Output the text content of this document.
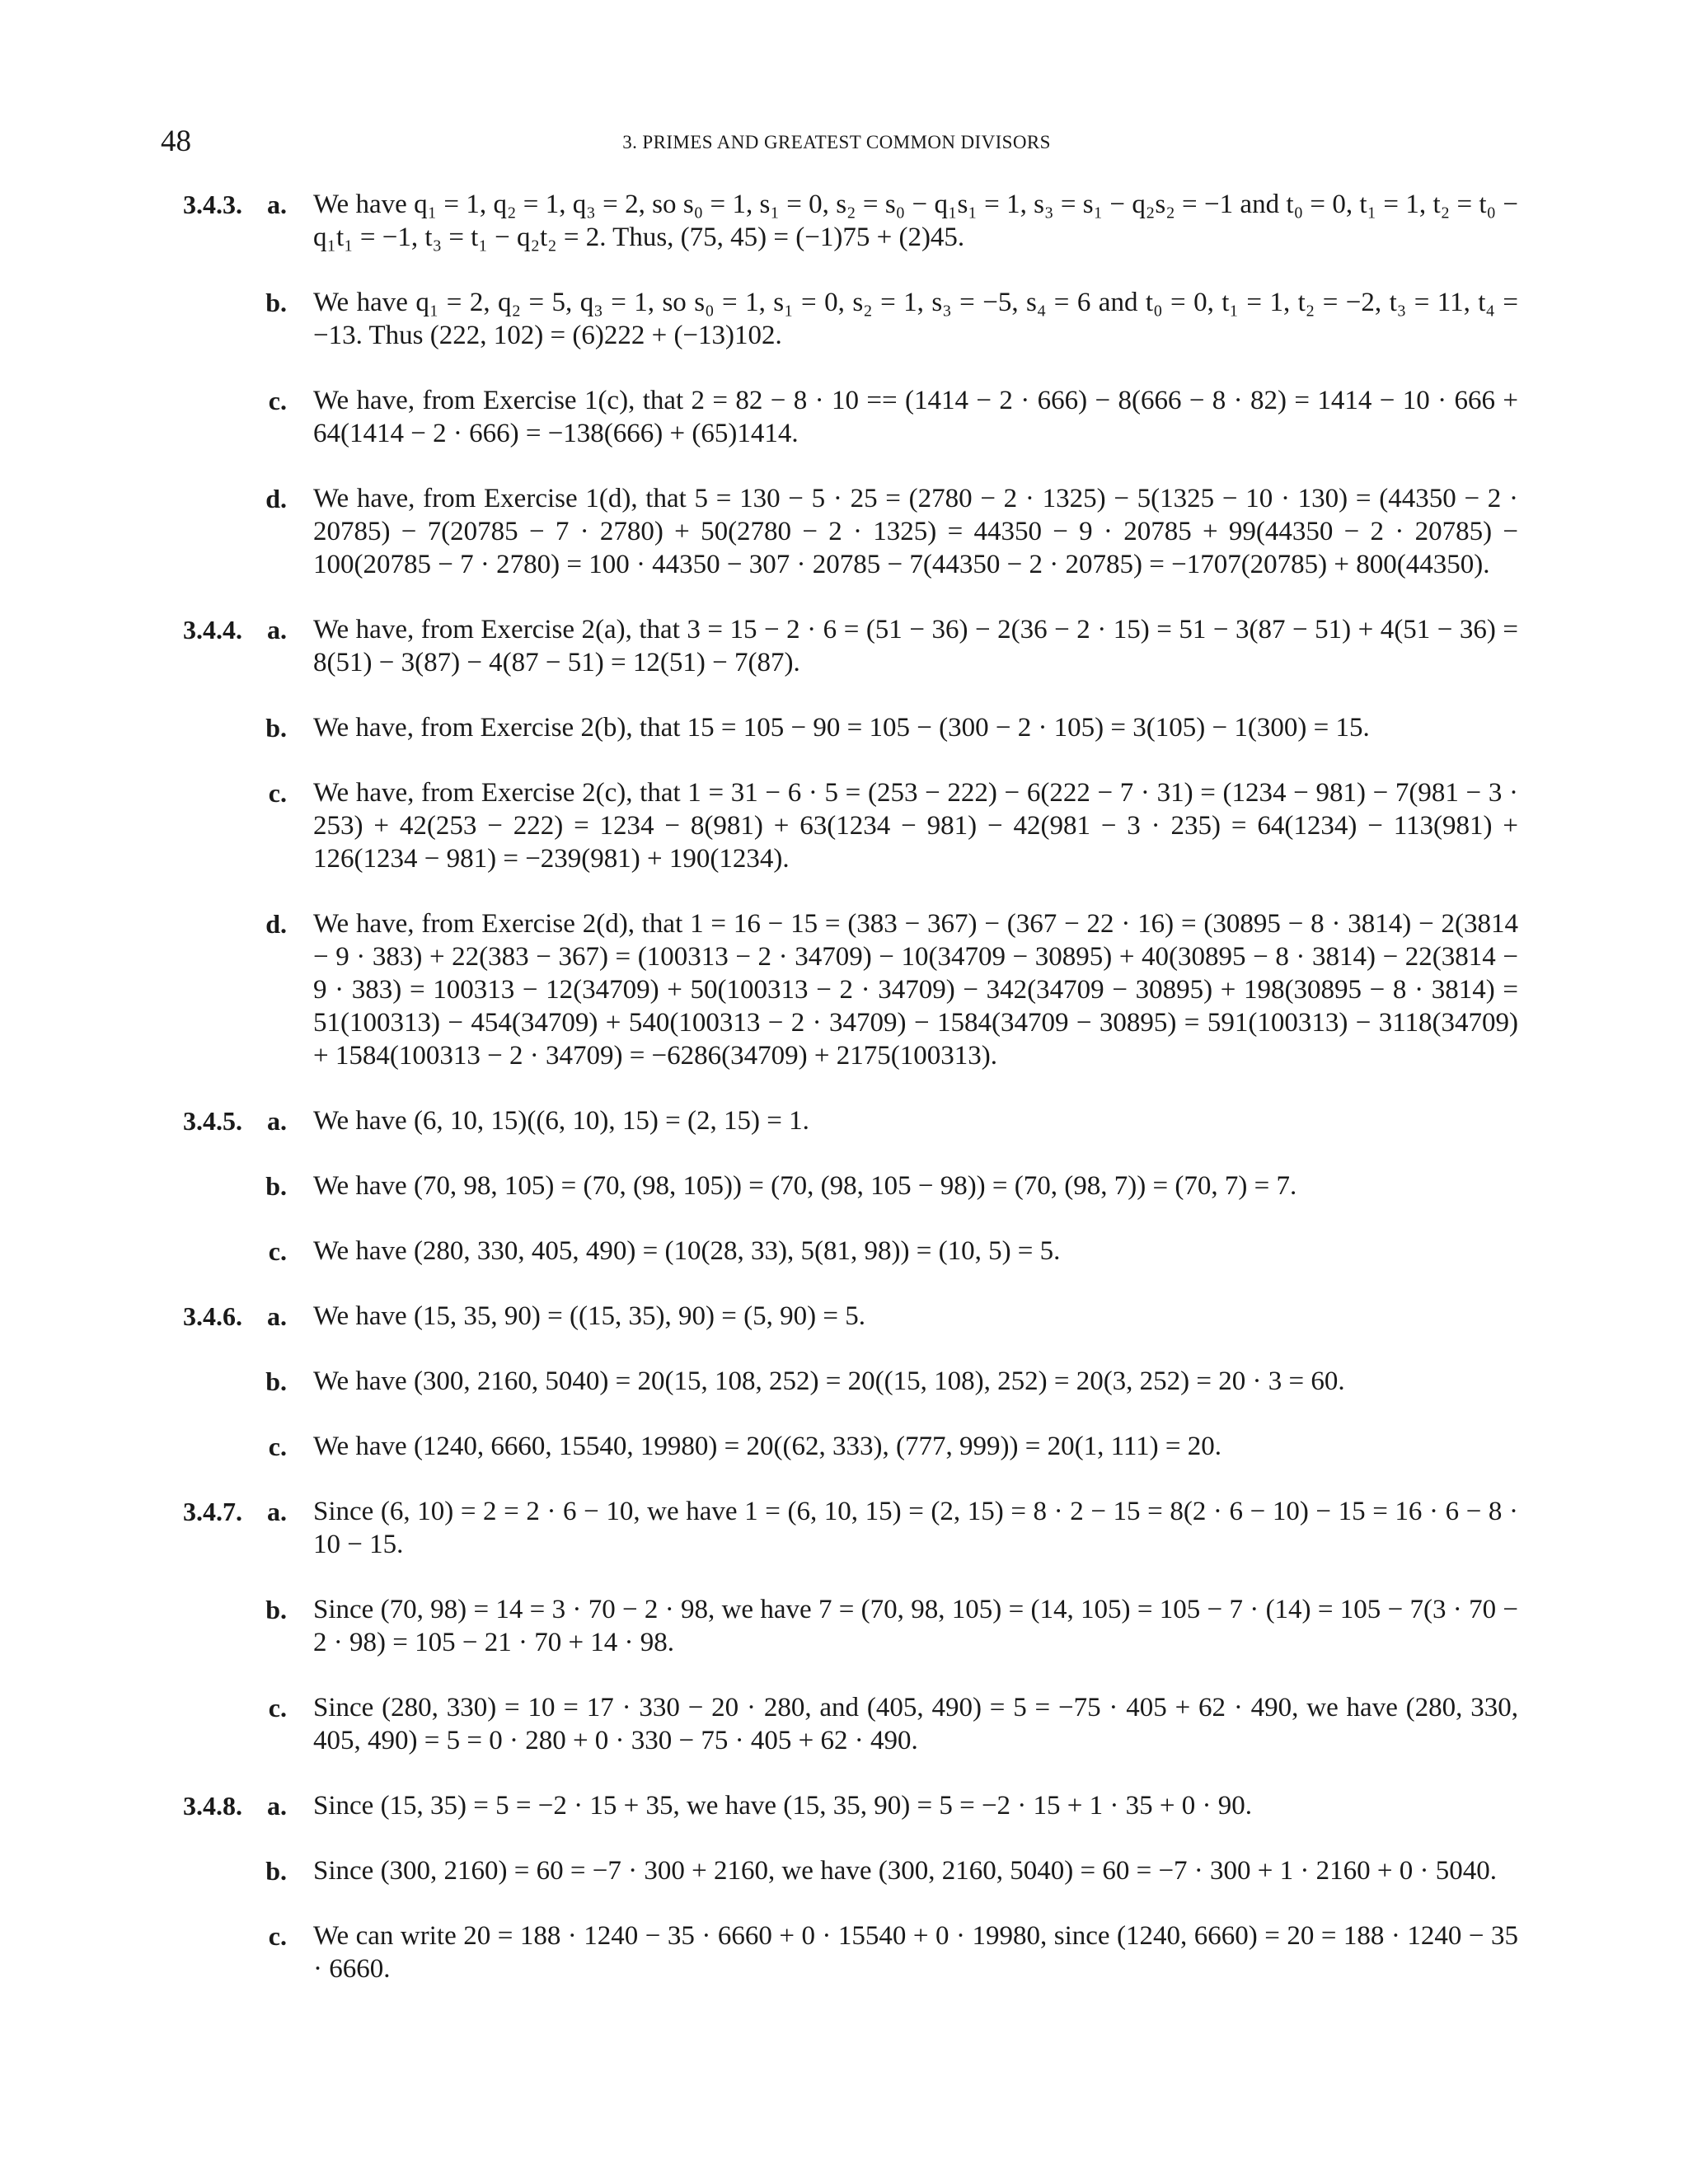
48	3. PRIMES AND GREATEST COMMON DIVISORS
3.4.3. a. We have q₁ = 1, q₂ = 1, q₃ = 2, so s₀ = 1, s₁ = 0, s₂ = s₀ − q₁s₁ = 1, s₃ = s₁ − q₂s₂ = −1 and t₀ = 0, t₁ = 1, t₂ = t₀ − q₁t₁ = −1, t₃ = t₁ − q₂t₂ = 2. Thus, (75, 45) = (−1)75 + (2)45.
b. We have q₁ = 2, q₂ = 5, q₃ = 1, so s₀ = 1, s₁ = 0, s₂ = 1, s₃ = −5, s₄ = 6 and t₀ = 0, t₁ = 1, t₂ = −2, t₃ = 11, t₄ = −13. Thus (222, 102) = (6)222 + (−13)102.
c. We have, from Exercise 1(c), that 2 = 82 − 8 · 10 == (1414 − 2 · 666) − 8(666 − 8 · 82) = 1414 − 10 · 666 + 64(1414 − 2 · 666) = −138(666) + (65)1414.
d. We have, from Exercise 1(d), that 5 = 130 − 5 · 25 = (2780 − 2 · 1325) − 5(1325 − 10 · 130) = (44350 − 2 · 20785) − 7(20785 − 7 · 2780) + 50(2780 − 2 · 1325) = 44350 − 9 · 20785 + 99(44350 − 2 · 20785) − 100(20785 − 7 · 2780) = 100 · 44350 − 307 · 20785 − 7(44350 − 2 · 20785) = −1707(20785) + 800(44350).
3.4.4. a. We have, from Exercise 2(a), that 3 = 15 − 2 · 6 = (51 − 36) − 2(36 − 2 · 15) = 51 − 3(87 − 51) + 4(51 − 36) = 8(51) − 3(87) − 4(87 − 51) = 12(51) − 7(87).
b. We have, from Exercise 2(b), that 15 = 105 − 90 = 105 − (300 − 2 · 105) = 3(105) − 1(300) = 15.
c. We have, from Exercise 2(c), that 1 = 31 − 6 · 5 = (253 − 222) − 6(222 − 7 · 31) = (1234 − 981) − 7(981 − 3 · 253) + 42(253 − 222) = 1234 − 8(981) + 63(1234 − 981) − 42(981 − 3 · 235) = 64(1234) − 113(981) + 126(1234 − 981) = −239(981) + 190(1234).
d. We have, from Exercise 2(d), that 1 = 16 − 15 = (383 − 367) − (367 − 22 · 16) = (30895 − 8 · 3814) − 2(3814 − 9 · 383) + 22(383 − 367) = (100313 − 2 · 34709) − 10(34709 − 30895) + 40(30895 − 8 · 3814) − 22(3814 − 9 · 383) = 100313 − 12(34709) + 50(100313 − 2 · 34709) − 342(34709 − 30895) + 198(30895 − 8 · 3814) = 51(100313) − 454(34709) + 540(100313 − 2 · 34709) − 1584(34709 − 30895) = 591(100313) − 3118(34709) + 1584(100313 − 2 · 34709) = −6286(34709) + 2175(100313).
3.4.5. a. We have (6, 10, 15)((6, 10), 15) = (2, 15) = 1.
b. We have (70, 98, 105) = (70, (98, 105)) = (70, (98, 105 − 98)) = (70, (98, 7)) = (70, 7) = 7.
c. We have (280, 330, 405, 490) = (10(28, 33), 5(81, 98)) = (10, 5) = 5.
3.4.6. a. We have (15, 35, 90) = ((15, 35), 90) = (5, 90) = 5.
b. We have (300, 2160, 5040) = 20(15, 108, 252) = 20((15, 108), 252) = 20(3, 252) = 20 · 3 = 60.
c. We have (1240, 6660, 15540, 19980) = 20((62, 333), (777, 999)) = 20(1, 111) = 20.
3.4.7. a. Since (6, 10) = 2 = 2 · 6 − 10, we have 1 = (6, 10, 15) = (2, 15) = 8 · 2 − 15 = 8(2 · 6 − 10) − 15 = 16 · 6 − 8 · 10 − 15.
b. Since (70, 98) = 14 = 3 · 70 − 2 · 98, we have 7 = (70, 98, 105) = (14, 105) = 105 − 7 · (14) = 105 − 7(3 · 70 − 2 · 98) = 105 − 21 · 70 + 14 · 98.
c. Since (280, 330) = 10 = 17 · 330 − 20 · 280, and (405, 490) = 5 = −75 · 405 + 62 · 490, we have (280, 330, 405, 490) = 5 = 0 · 280 + 0 · 330 − 75 · 405 + 62 · 490.
3.4.8. a. Since (15, 35) = 5 = −2 · 15 + 35, we have (15, 35, 90) = 5 = −2 · 15 + 1 · 35 + 0 · 90.
b. Since (300, 2160) = 60 = −7 · 300 + 2160, we have (300, 2160, 5040) = 60 = −7 · 300 + 1 · 2160 + 0 · 5040.
c. We can write 20 = 188 · 1240 − 35 · 6660 + 0 · 15540 + 0 · 19980, since (1240, 6660) = 20 = 188 · 1240 − 35 · 6660.
